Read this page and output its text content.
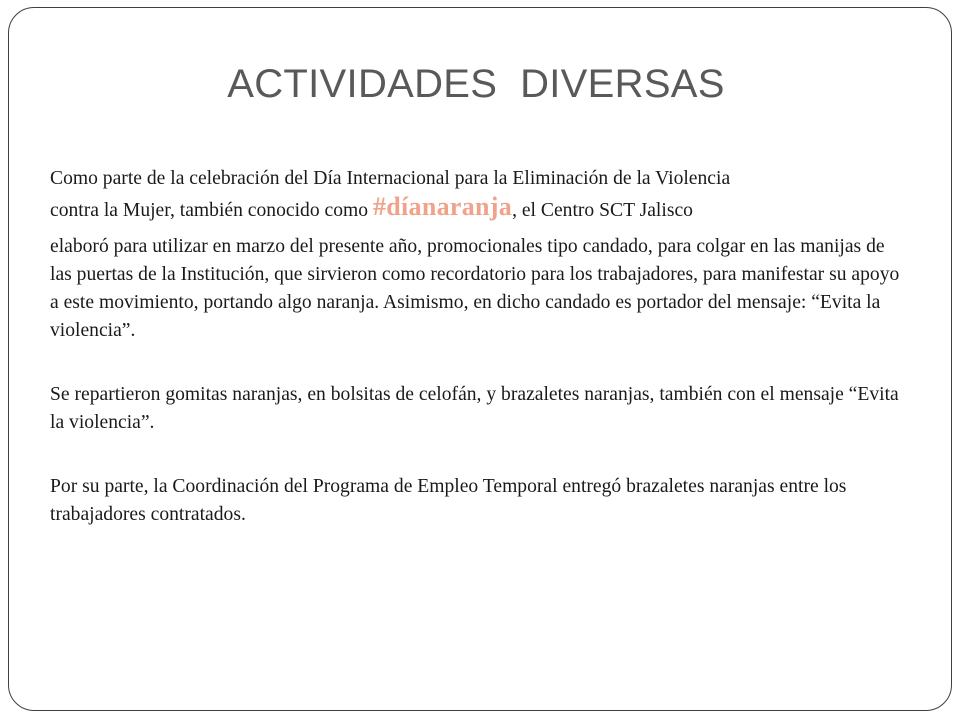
ACTIVIDADES  DIVERSAS

Como parte de la celebración del Día Internacional para la Eliminación de la Violencia
contra la Mujer, también conocido como #díanaranja, el Centro SCT Jalisco
elaboró para utilizar en marzo del presente año, promocionales tipo candado, para colgar en las manijas de las puertas de la Institución, que sirvieron como recordatorio para los trabajadores, para manifestar su apoyo a este movimiento, portando algo naranja. Asimismo, en dicho candado es portador del mensaje: “Evita la violencia”.

Se repartieron gomitas naranjas, en bolsitas de celofán, y brazaletes naranjas, también con el mensaje “Evita la violencia”.

Por su parte, la Coordinación del Programa de Empleo Temporal entregó brazaletes naranjas entre los trabajadores contratados.
